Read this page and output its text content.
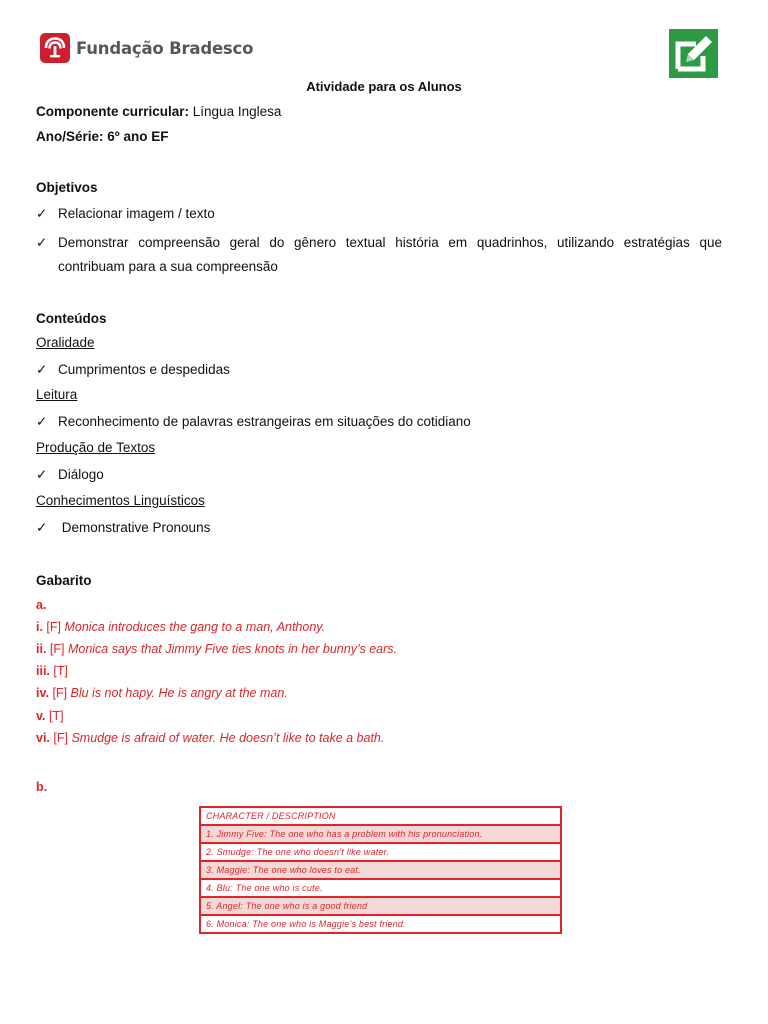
Fundação Bradesco
Atividade para os Alunos
Componente curricular: Língua Inglesa
Ano/Série: 6º ano EF
Objetivos
✓ Relacionar imagem / texto
✓ Demonstrar compreensão geral do gênero textual história em quadrinhos, utilizando estratégias que contribuam para a sua compreensão
Conteúdos
Oralidade
✓ Cumprimentos e despedidas
Leitura
✓ Reconhecimento de palavras estrangeiras em situações do cotidiano
Produção de Textos
✓ Diálogo
Conhecimentos Linguísticos
✓ Demonstrative Pronouns
Gabarito
a.
i. [F] Monica introduces the gang to a man, Anthony.
ii. [F] Monica says that Jimmy Five ties knots in her bunny’s ears.
iii. [T]
iv. [F] Blu is not hapy. He is angry at the man.
v. [T]
vi. [F] Smudge is afraid of water. He doesn’t like to take a bath.
b.
CHARACTER / DESCRIPTION
1. Jimmy Five: The one who has a problem with his pronunciation.
2. Smudge: The one who doesn’t like water.
3. Maggie: The one who loves to eat.
4. Blu: The one who is cute.
5. Angel: The one who is a good friend
6. Monica: The one who is Maggie’s best friend.
